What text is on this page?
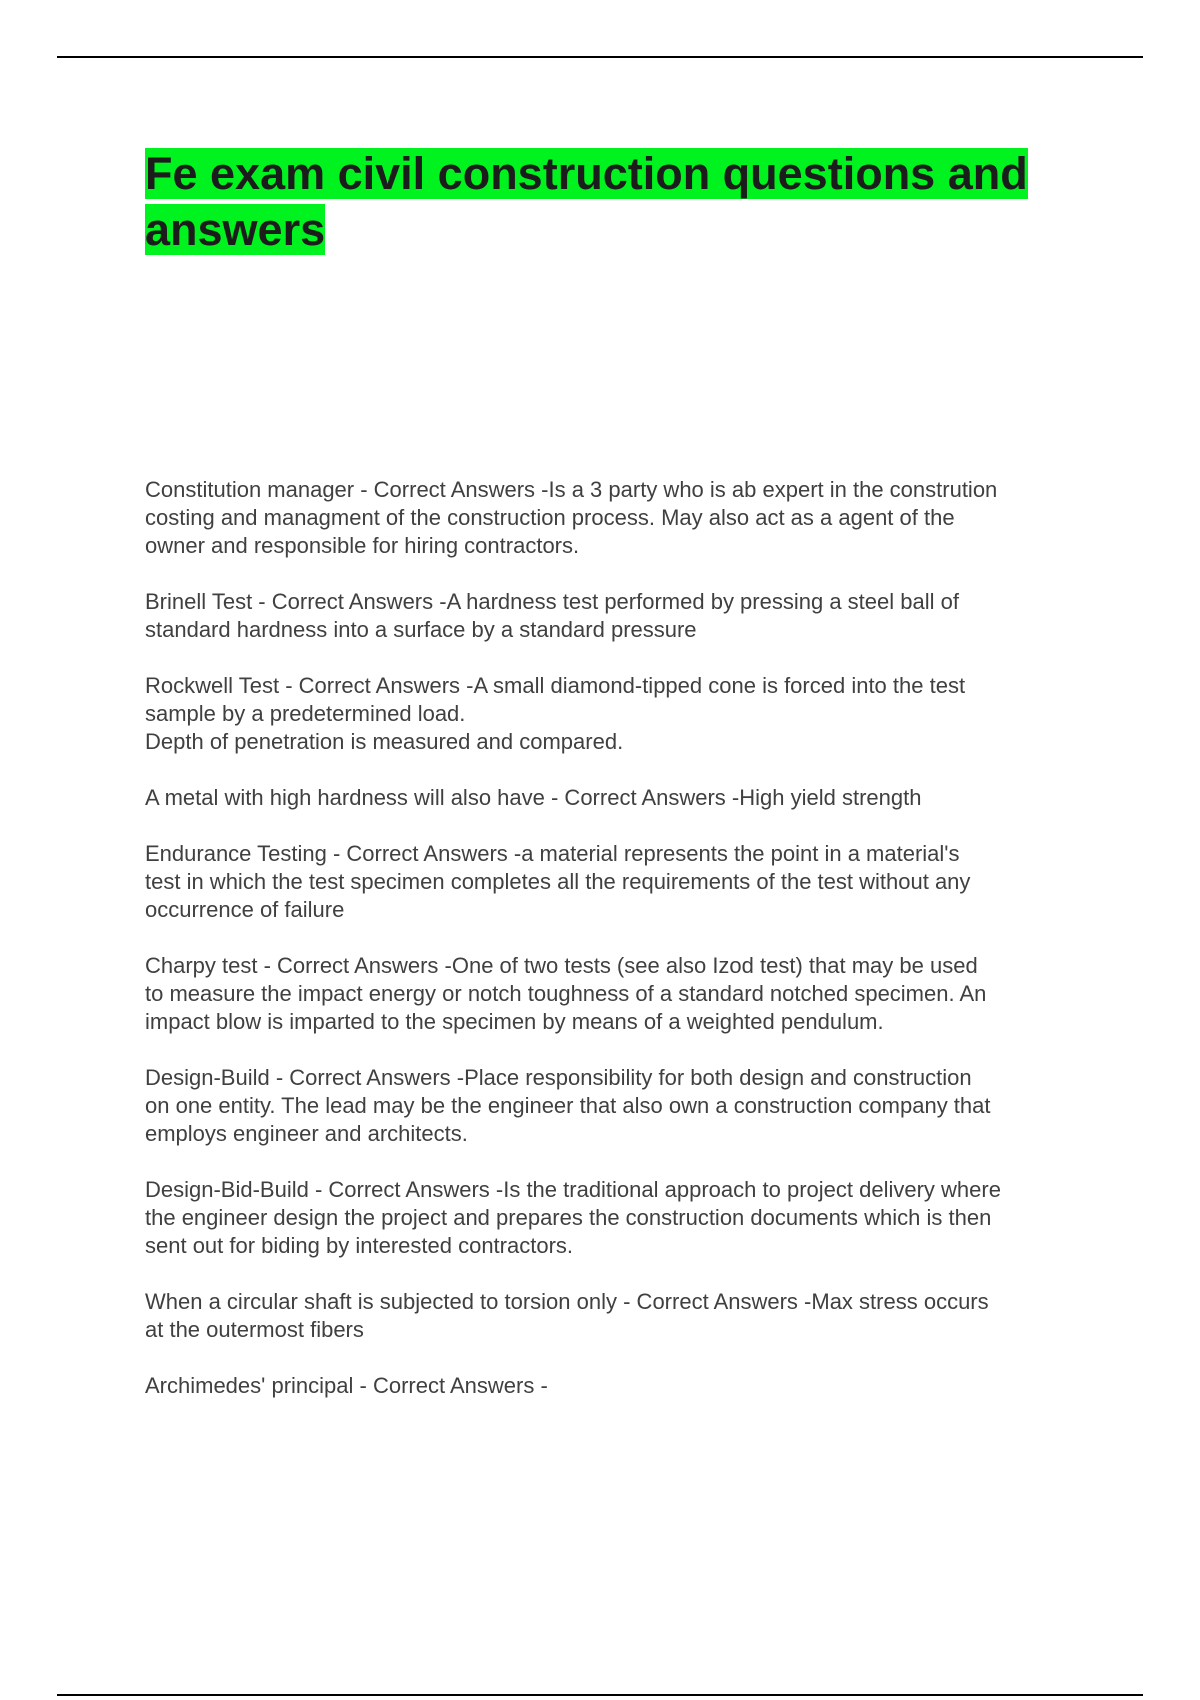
Fe exam civil construction questions and answers

Constitution manager - Correct Answers -Is a 3 party who is ab expert in the constrution
costing and managment of the construction process. May also act as a agent of the
owner and responsible for hiring contractors.

Brinell Test - Correct Answers -A hardness test performed by pressing a steel ball of
standard hardness into a surface by a standard pressure

Rockwell Test - Correct Answers -A small diamond-tipped cone is forced into the test
sample by a predetermined load.
Depth of penetration is measured and compared.

A metal with high hardness will also have - Correct Answers -High yield strength

Endurance Testing - Correct Answers -a material represents the point in a material's
test in which the test specimen completes all the requirements of the test without any
occurrence of failure

Charpy test - Correct Answers -One of two tests (see also Izod test) that may be used
to measure the impact energy or notch toughness of a standard notched specimen. An
impact blow is imparted to the specimen by means of a weighted pendulum.

Design-Build - Correct Answers -Place responsibility for both design and construction
on one entity. The lead may be the engineer that also own a construction company that
employs engineer and architects.

Design-Bid-Build - Correct Answers -Is the traditional approach to project delivery where
the engineer design the project and prepares the construction documents which is then
sent out for biding by interested contractors.

When a circular shaft is subjected to torsion only - Correct Answers -Max stress occurs
at the outermost fibers

Archimedes' principal - Correct Answers -
